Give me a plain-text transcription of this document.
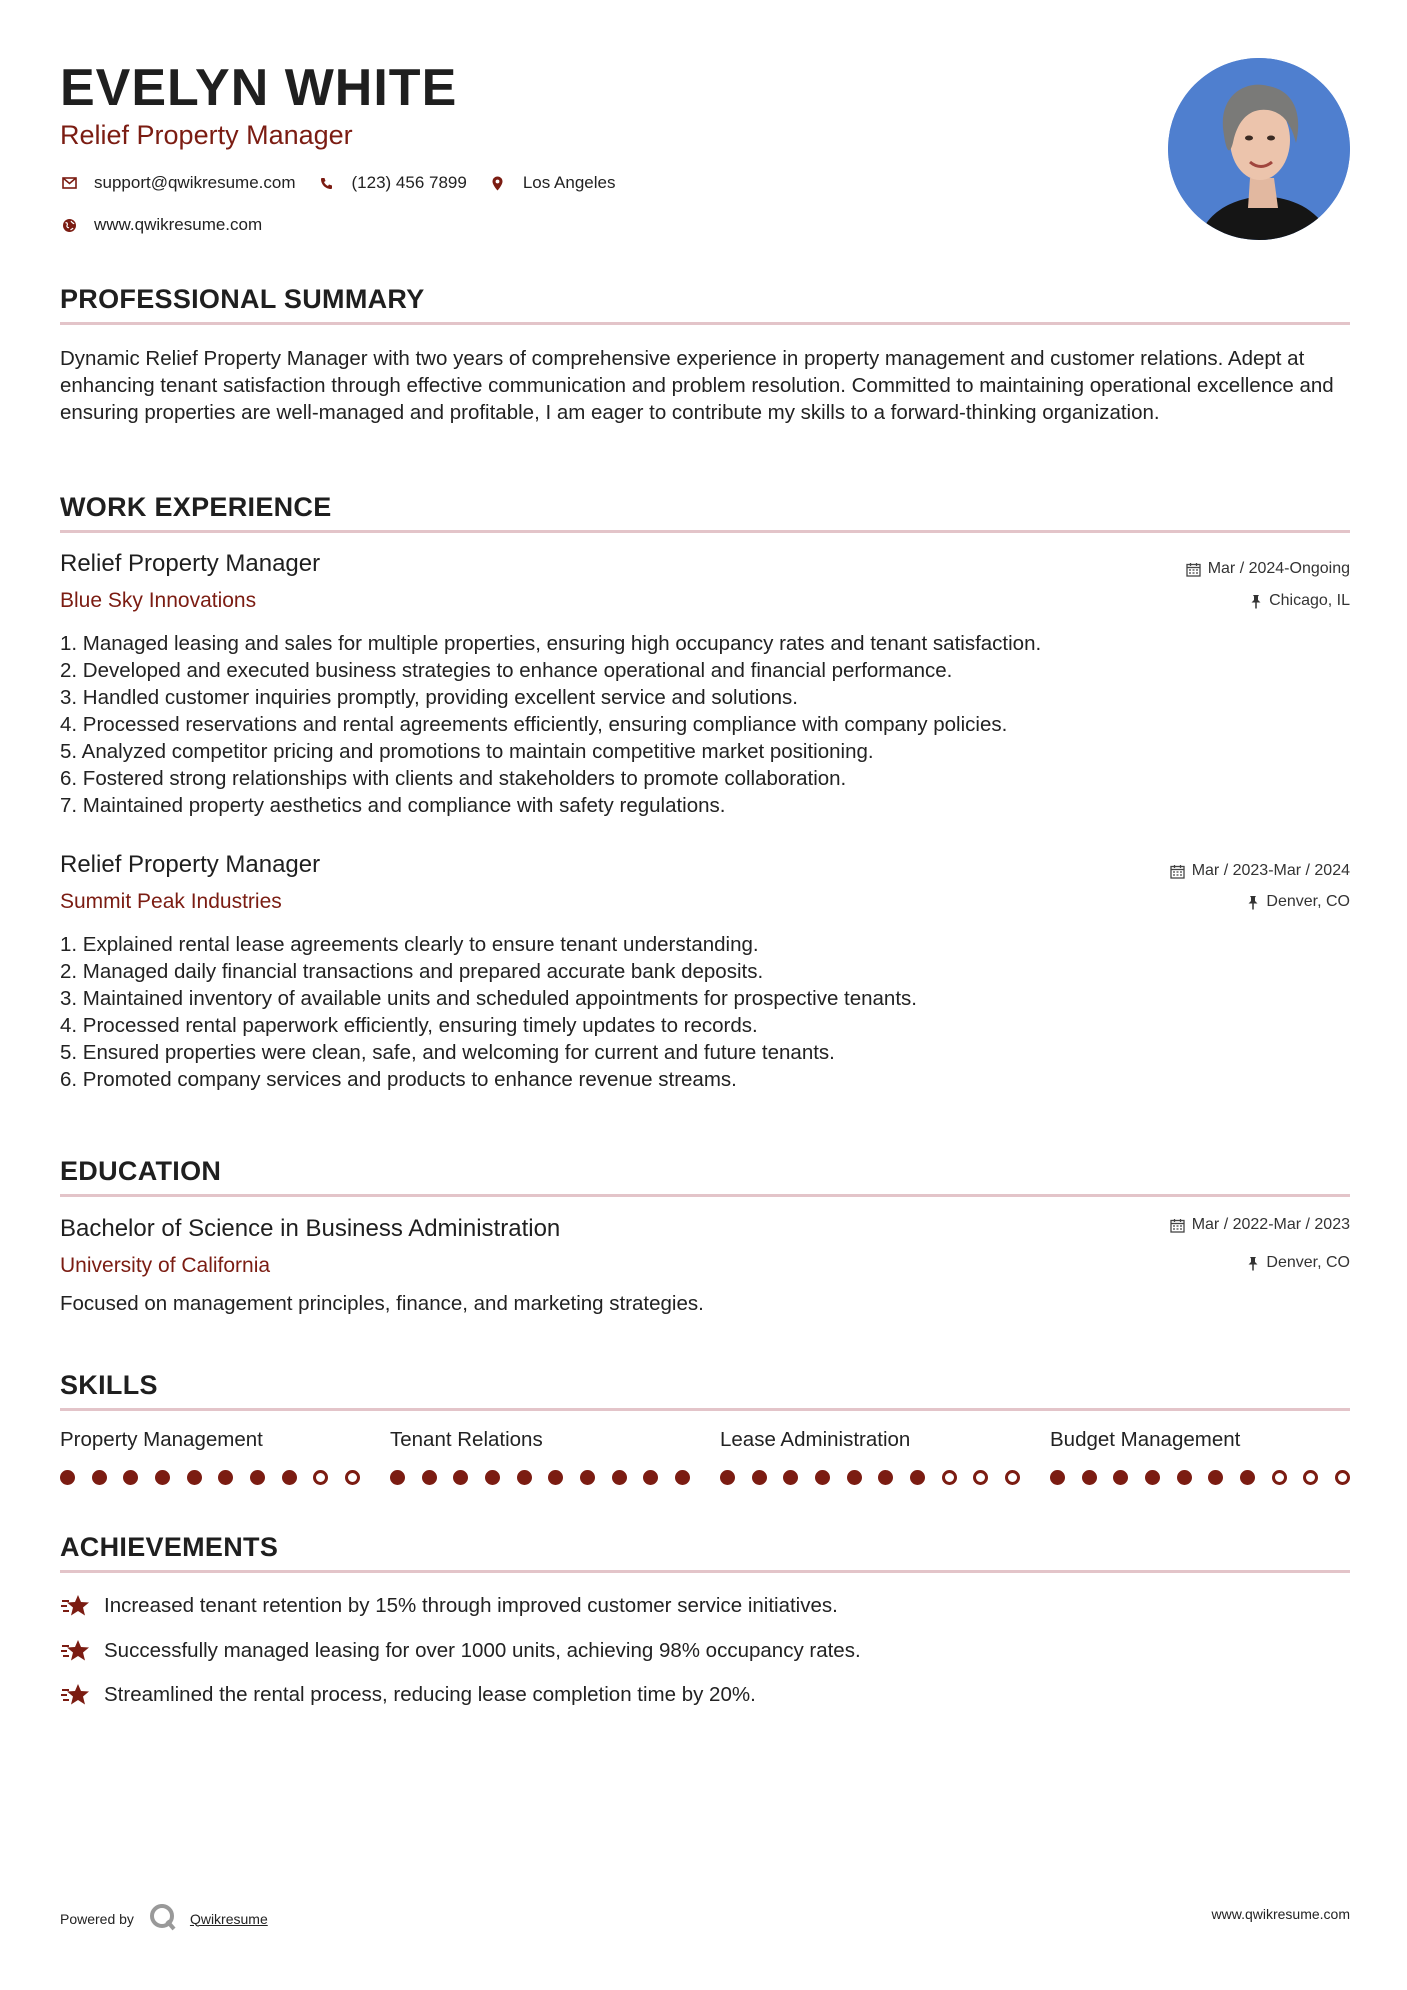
EVELYN WHITE
Relief Property Manager
support@qwikresume.com	(123) 456 7899	Los Angeles
www.qwikresume.com
PROFESSIONAL SUMMARY

Dynamic Relief Property Manager with two years of comprehensive experience in property management and customer relations. Adept at enhancing tenant satisfaction through effective communication and problem resolution. Committed to maintaining operational excellence and ensuring properties are well-managed and profitable, I am eager to contribute my skills to a forward-thinking organization.

WORK EXPERIENCE
Relief Property Manager
Blue Sky Innovations
Mar / 2024-Ongoing
Chicago, IL
1. Managed leasing and sales for multiple properties, ensuring high occupancy rates and tenant satisfaction.
2. Developed and executed business strategies to enhance operational and financial performance.
3. Handled customer inquiries promptly, providing excellent service and solutions.
4. Processed reservations and rental agreements efficiently, ensuring compliance with company policies.
5. Analyzed competitor pricing and promotions to maintain competitive market positioning.
6. Fostered strong relationships with clients and stakeholders to promote collaboration.
7. Maintained property aesthetics and compliance with safety regulations.
Relief Property Manager
Summit Peak Industries
Mar / 2023-Mar / 2024
Denver, CO
1. Explained rental lease agreements clearly to ensure tenant understanding.
2. Managed daily financial transactions and prepared accurate bank deposits.
3. Maintained inventory of available units and scheduled appointments for prospective tenants.
4. Processed rental paperwork efficiently, ensuring timely updates to records.
5. Ensured properties were clean, safe, and welcoming for current and future tenants.
6. Promoted company services and products to enhance revenue streams.
EDUCATION
Bachelor of Science in Business Administration
University of California
Mar / 2022-Mar / 2023
Denver, CO
Focused on management principles, finance, and marketing strategies.
SKILLS
Property Management	Tenant Relations	Lease Administration	Budget Management
ACHIEVEMENTS
Increased tenant retention by 15% through improved customer service initiatives.
Successfully managed leasing for over 1000 units, achieving 98% occupancy rates.
Streamlined the rental process, reducing lease completion time by 20%.
Powered by	Qwikresume	www.qwikresume.com
